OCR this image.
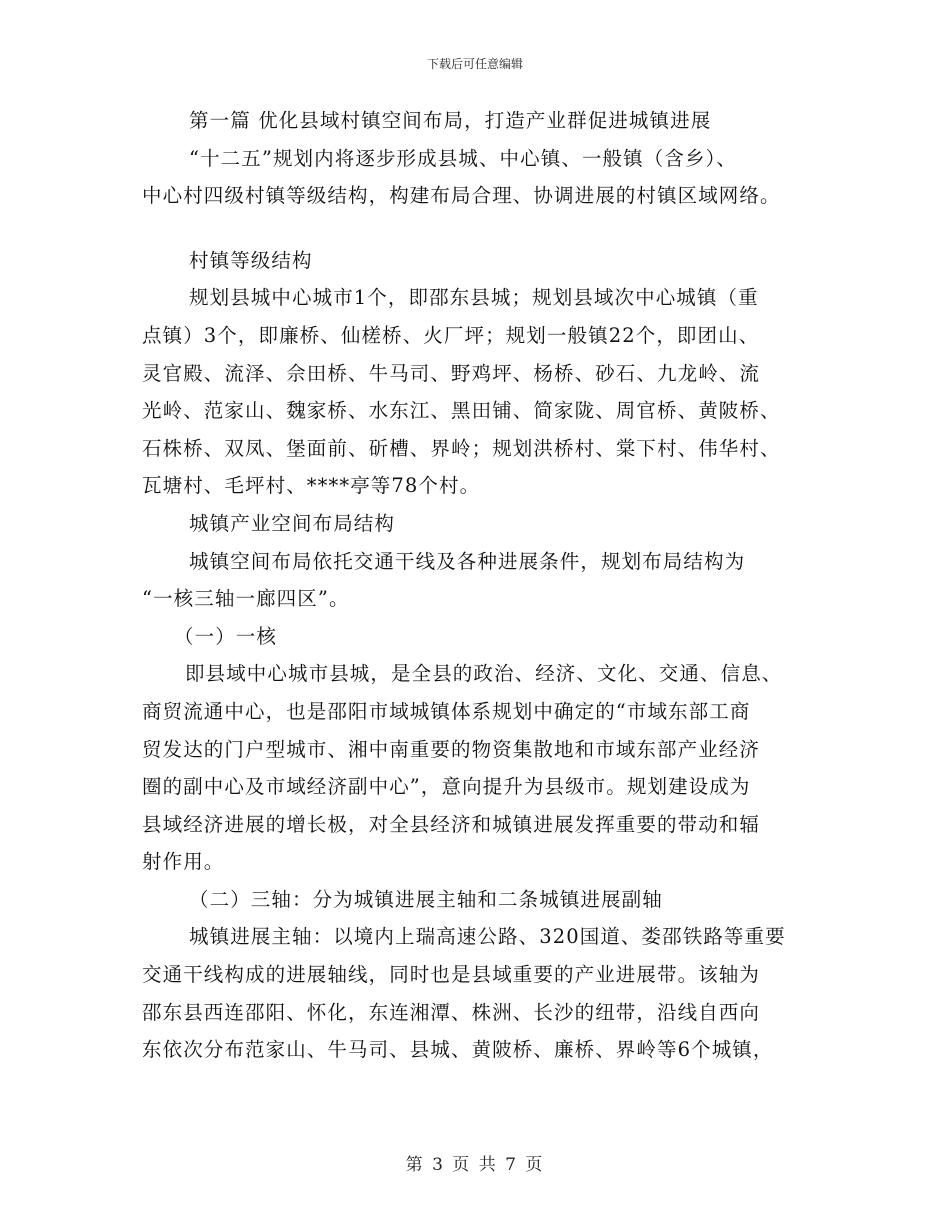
下载后可任意编辑
第一篇 优化县域村镇空间布局，打造产业群促进城镇进展
“十二五”规划内将逐步形成县城、中心镇、一般镇（含乡）、
中心村四级村镇等级结构，构建布局合理、协调进展的村镇区域网络。
村镇等级结构
规划县城中心城市1个，即邵东县城；规划县域次中心城镇（重
点镇）3个，即廉桥、仙槎桥、火厂坪；规划一般镇22个，即团山、
灵官殿、流泽、佘田桥、牛马司、野鸡坪、杨桥、砂石、九龙岭、流
光岭、范家山、魏家桥、水东江、黑田铺、简家陇、周官桥、黄陂桥、
石株桥、双凤、堡面前、斫槽、界岭；规划洪桥村、棠下村、伟华村、
瓦塘村、毛坪村、****亭等78个村。
城镇产业空间布局结构
城镇空间布局依托交通干线及各种进展条件，规划布局结构为
“一核三轴一廊四区”。
（一）一核
即县域中心城市县城，是全县的政治、经济、文化、交通、信息、
商贸流通中心，也是邵阳市域城镇体系规划中确定的“市域东部工商
贸发达的门户型城市、湘中南重要的物资集散地和市域东部产业经济
圈的副中心及市域经济副中心”，意向提升为县级市。规划建设成为
县域经济进展的增长极，对全县经济和城镇进展发挥重要的带动和辐
射作用。
（二）三轴：分为城镇进展主轴和二条城镇进展副轴
城镇进展主轴：以境内上瑞高速公路、320国道、娄邵铁路等重要
交通干线构成的进展轴线，同时也是县域重要的产业进展带。该轴为
邵东县西连邵阳、怀化，东连湘潭、株洲、长沙的纽带，沿线自西向
东依次分布范家山、牛马司、县城、黄陂桥、廉桥、界岭等6个城镇，
第 3 页 共 7 页
